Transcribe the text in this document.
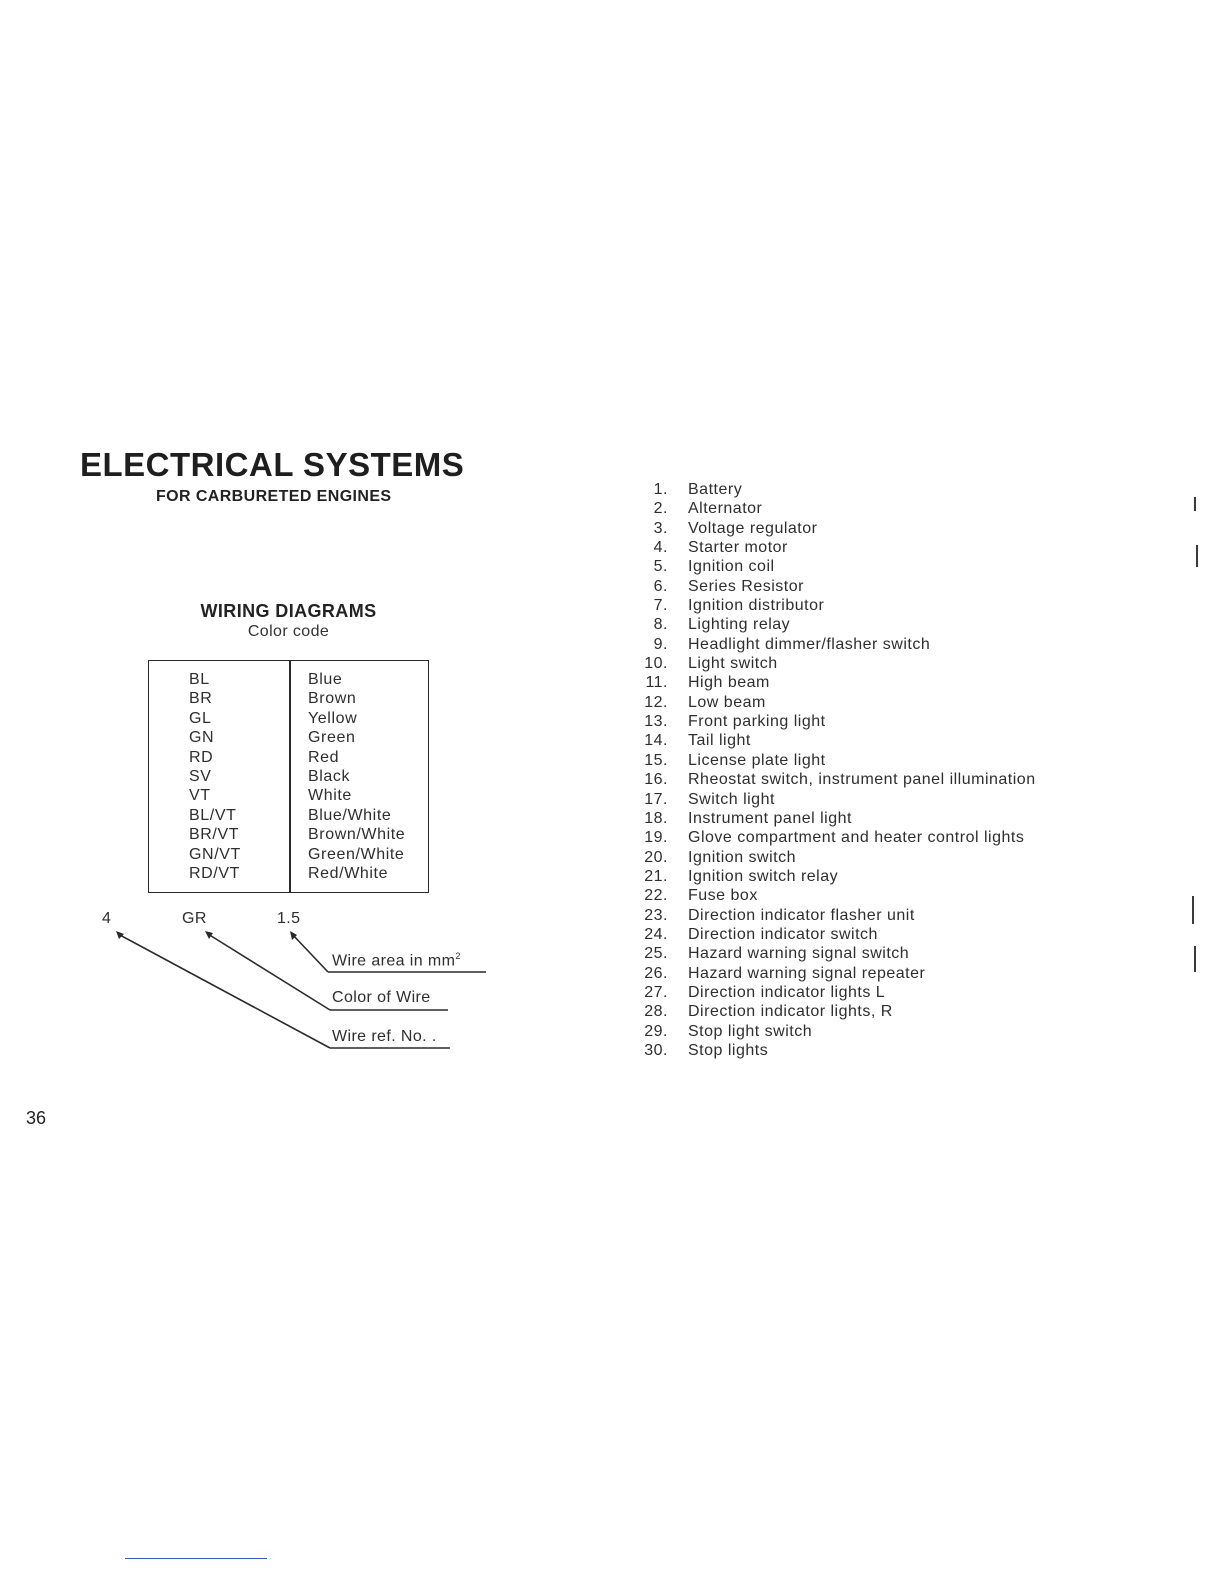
ELECTRICAL SYSTEMS
FOR CARBURETED ENGINES
WIRING DIAGRAMS
Color code
BL
BR
GL
GN
RD
SV
VT
BL/VT
BR/VT
GN/VT
RD/VT
Blue
Brown
Yellow
Green
Red
Black
White
Blue/White
Brown/White
Green/White
Red/White
4	GR	1.5
Wire area in $mm^2$
Color of Wire
Wire ref. No. .
1. Battery
2. Alternator
3. Voltage regulator
4. Starter motor
5. Ignition coil
6. Series Resistor
7. Ignition distributor
8. Lighting relay
9. Headlight dimmer/flasher switch
10. Light switch
11. High beam
12. Low beam
13. Front parking light
14. Tail light
15. License plate light
16. Rheostat switch, instrument panel illumination
17. Switch light
18. Instrument panel light
19. Glove compartment and heater control lights
20. Ignition switch
21. Ignition switch relay
22. Fuse box
23. Direction indicator flasher unit
24. Direction indicator switch
25. Hazard warning signal switch
26. Hazard warning signal repeater
27. Direction indicator lights L
28. Direction indicator lights, R
29. Stop light switch
30. Stop lights
36
